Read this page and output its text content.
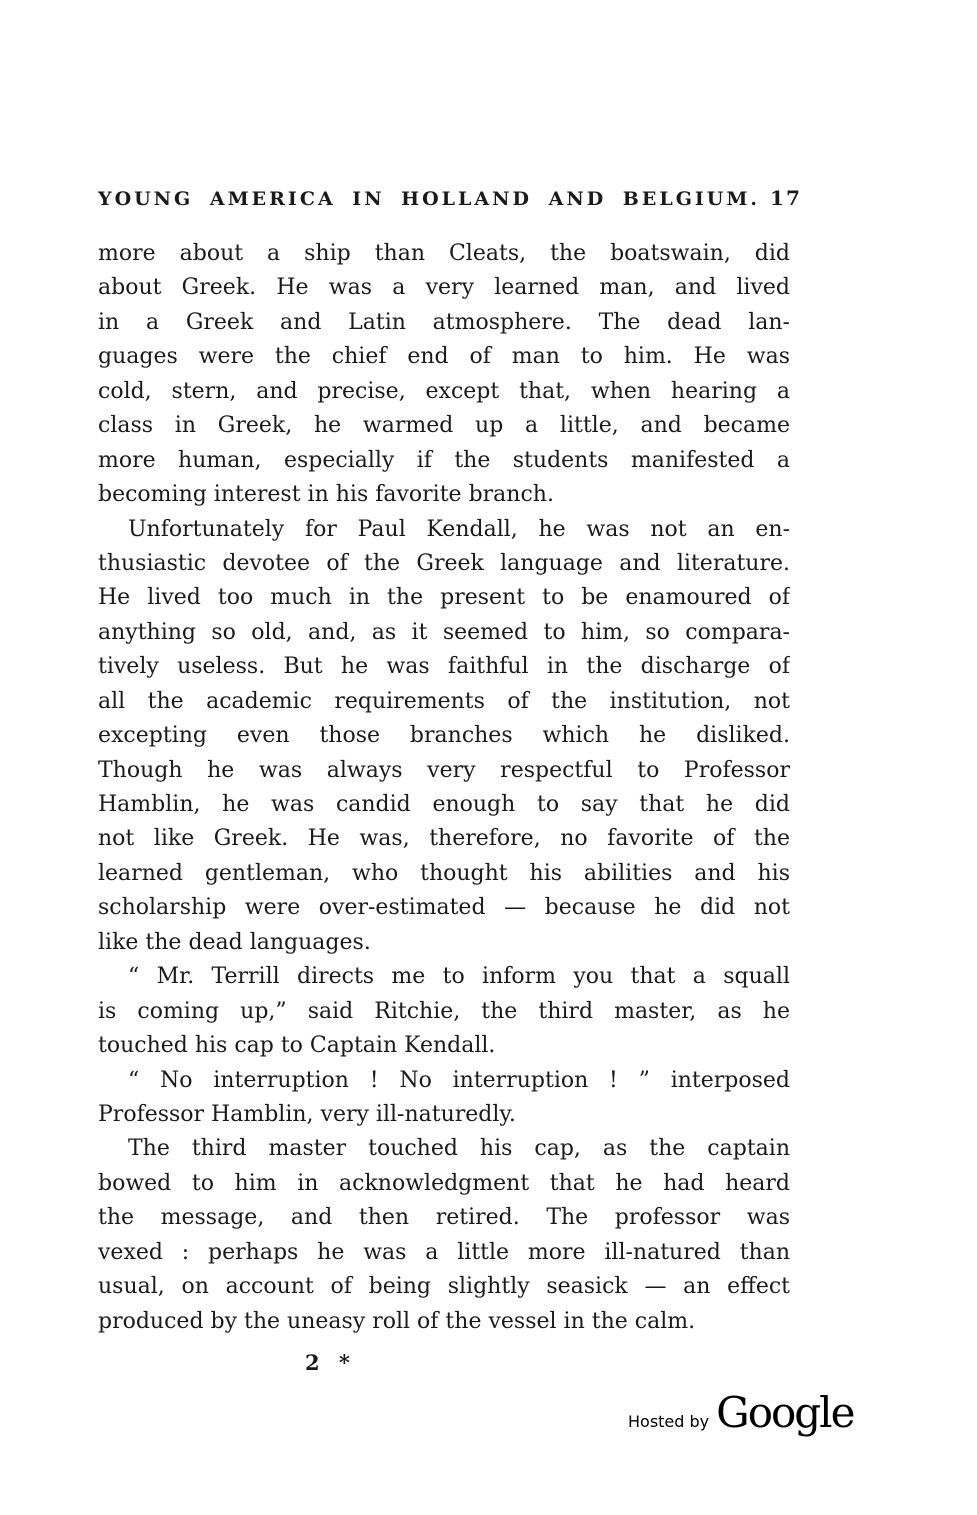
YOUNG AMERICA IN HOLLAND AND BELGIUM. 17
more about a ship than Cleats, the boatswain, did
about Greek. He was a very learned man, and lived
in a Greek and Latin atmosphere. The dead lan-
guages were the chief end of man to him. He was
cold, stern, and precise, except that, when hearing a
class in Greek, he warmed up a little, and became
more human, especially if the students manifested a
becoming interest in his favorite branch.
Unfortunately for Paul Kendall, he was not an en-
thusiastic devotee of the Greek language and literature.
He lived too much in the present to be enamoured of
anything so old, and, as it seemed to him, so compara-
tively useless. But he was faithful in the discharge of
all the academic requirements of the institution, not
excepting even those branches which he disliked.
Though he was always very respectful to Professor
Hamblin, he was candid enough to say that he did
not like Greek. He was, therefore, no favorite of the
learned gentleman, who thought his abilities and his
scholarship were over-estimated — because he did not
like the dead languages.
“ Mr. Terrill directs me to inform you that a squall
is coming up,” said Ritchie, the third master, as he
touched his cap to Captain Kendall.
“ No interruption ! No interruption ! ” interposed
Professor Hamblin, very ill-naturedly.
The third master touched his cap, as the captain
bowed to him in acknowledgment that he had heard
the message, and then retired. The professor was
vexed : perhaps he was a little more ill-natured than
usual, on account of being slightly seasick — an effect
produced by the uneasy roll of the vessel in the calm.
2 *
Hosted by Google
